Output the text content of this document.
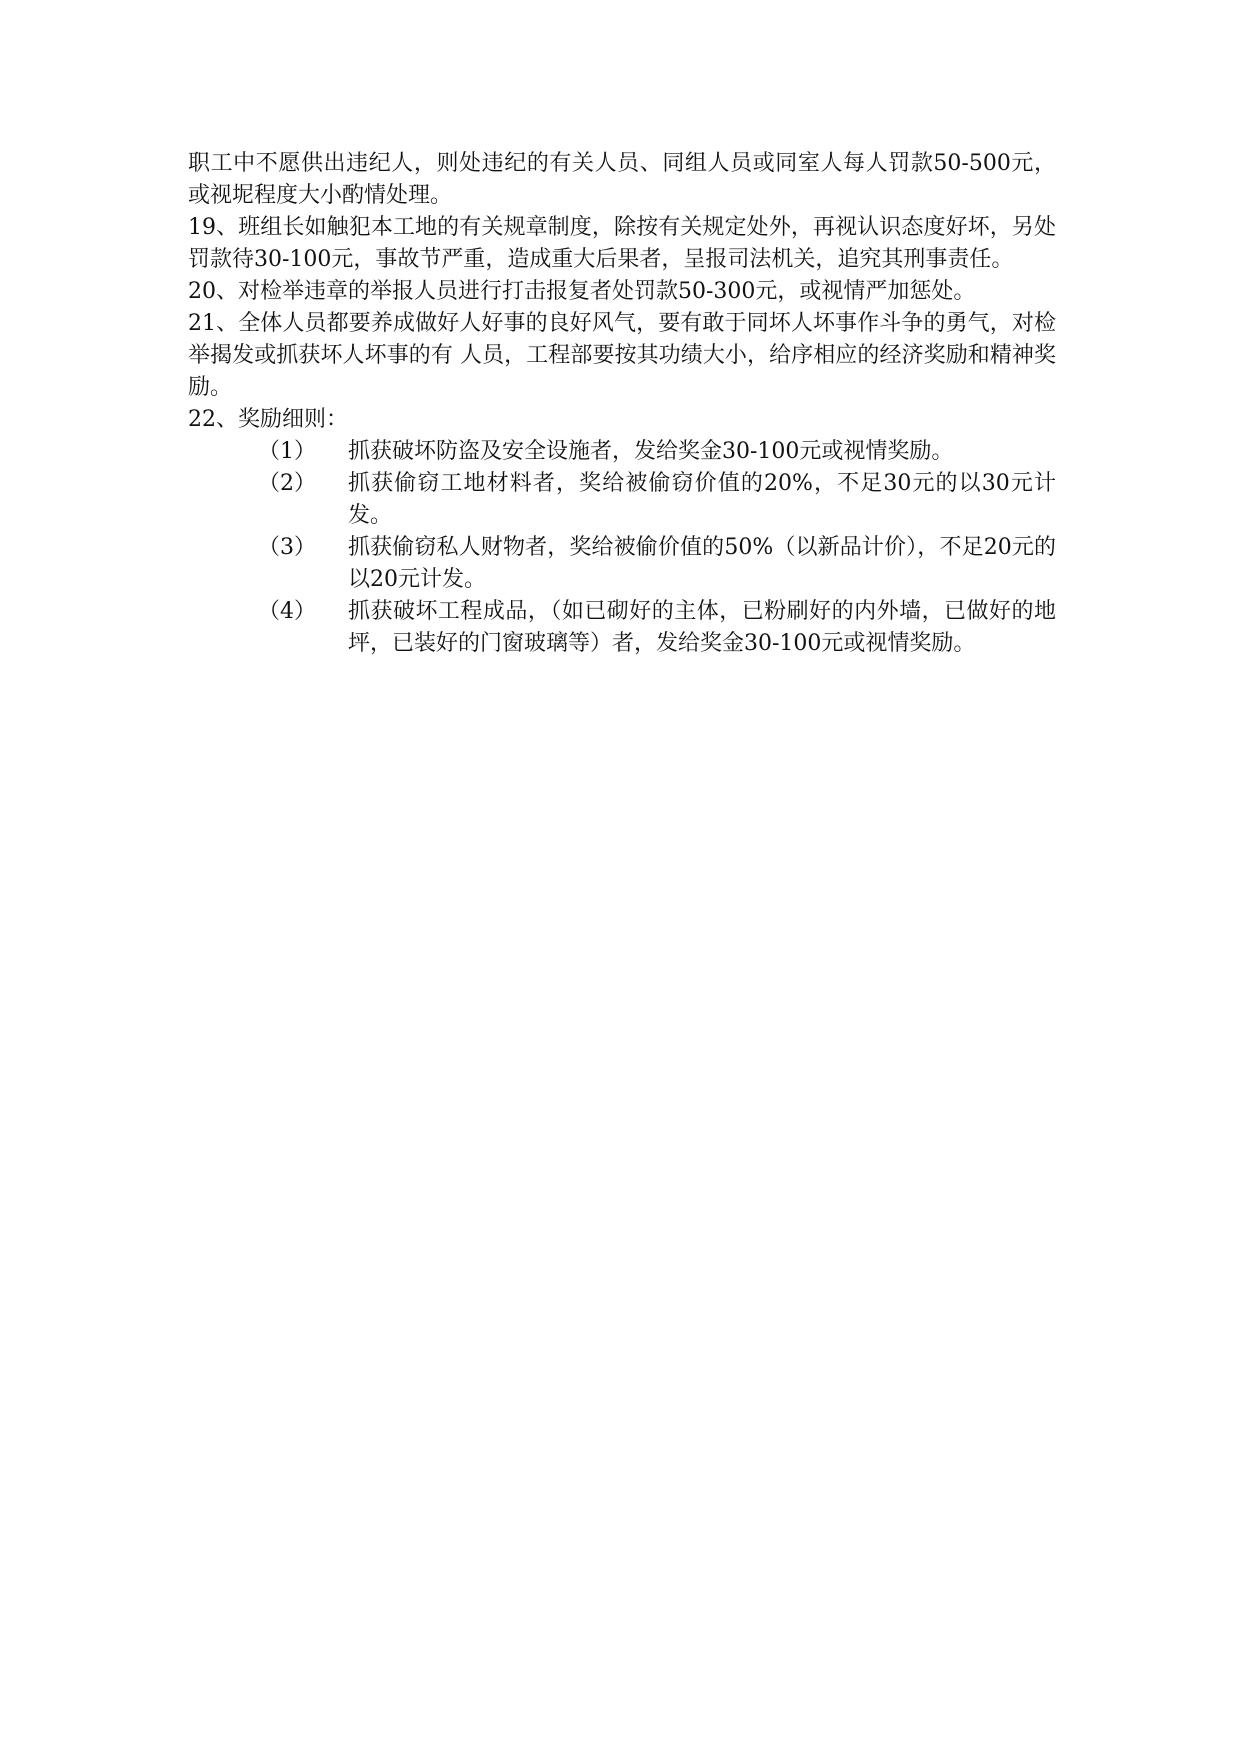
职工中不愿供出违纪人，则处违纪的有关人员、同组人员或同室人每人罚款50-500元，或视坭程度大小酌情处理。

19、班组长如触犯本工地的有关规章制度，除按有关规定处外，再视认识态度好坏，另处罚款待30-100元，事故节严重，造成重大后果者，呈报司法机关，追究其刑事责任。

20、对检举违章的举报人员进行打击报复者处罚款50-300元，或视情严加惩处。

21、全体人员都要养成做好人好事的良好风气，要有敢于同坏人坏事作斗争的勇气，对检举揭发或抓获坏人坏事的有 人员，工程部要按其功绩大小，给序相应的经济奖励和精神奖励。

22、奖励细则：

（1）	抓获破坏防盗及安全设施者，发给奖金30-100元或视情奖励。
（2）	抓获偷窃工地材料者，奖给被偷窃价值的20%，不足30元的以30元计发。
（3）	抓获偷窃私人财物者，奖给被偷价值的50%（以新品计价），不足20元的以20元计发。
（4）	抓获破坏工程成品，（如已砌好的主体，已粉刷好的内外墙，已做好的地坪，已装好的门窗玻璃等）者，发给奖金30-100元或视情奖励。
